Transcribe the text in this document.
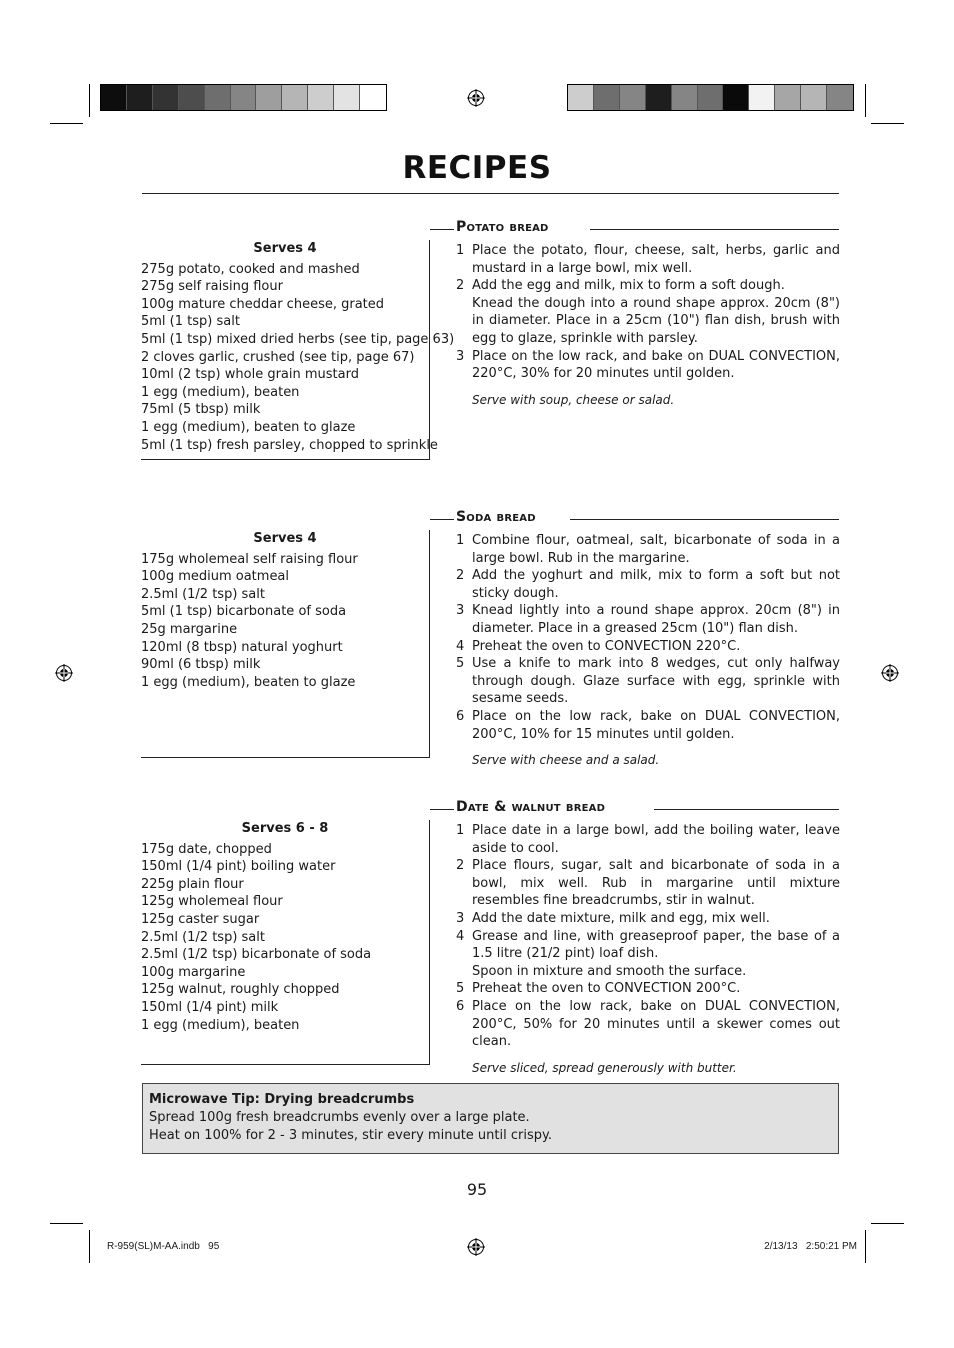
RECIPES
Serves 4
275g potato, cooked and mashed
275g self raising flour
100g mature cheddar cheese, grated
5ml (1 tsp) salt
5ml (1 tsp) mixed dried herbs (see tip, page 63)
2 cloves garlic, crushed (see tip, page 67)
10ml (2 tsp) whole grain mustard
1 egg (medium), beaten
75ml (5 tbsp) milk
1 egg (medium), beaten to glaze
5ml (1 tsp) fresh parsley, chopped to sprinkle
Potato bread
1 Place the potato, flour, cheese, salt, herbs, garlic and mustard in a large bowl, mix well.
2 Add the egg and milk, mix to form a soft dough.
Knead the dough into a round shape approx. 20cm (8") in diameter. Place in a 25cm (10") flan dish, brush with egg to glaze, sprinkle with parsley.
3 Place on the low rack, and bake on DUAL CONVECTION, 220°C, 30% for 20 minutes until golden.
Serve with soup, cheese or salad.
Serves 4
175g wholemeal self raising flour
100g medium oatmeal
2.5ml (1/2 tsp) salt
5ml (1 tsp) bicarbonate of soda
25g margarine
120ml (8 tbsp) natural yoghurt
90ml (6 tbsp) milk
1 egg (medium), beaten to glaze
Soda bread
1 Combine flour, oatmeal, salt, bicarbonate of soda in a large bowl. Rub in the margarine.
2 Add the yoghurt and milk, mix to form a soft but not sticky dough.
3 Knead lightly into a round shape approx. 20cm (8") in diameter. Place in a greased 25cm (10") flan dish.
4 Preheat the oven to CONVECTION 220°C.
5 Use a knife to mark into 8 wedges, cut only halfway through dough. Glaze surface with egg, sprinkle with sesame seeds.
6 Place on the low rack, bake on DUAL CONVECTION, 200°C, 10% for 15 minutes until golden.
Serve with cheese and a salad.
Serves 6 - 8
175g date, chopped
150ml (1/4 pint) boiling water
225g plain flour
125g wholemeal flour
125g caster sugar
2.5ml (1/2 tsp) salt
2.5ml (1/2 tsp) bicarbonate of soda
100g margarine
125g walnut, roughly chopped
150ml (1/4 pint) milk
1 egg (medium), beaten
Date & walnut bread
1 Place date in a large bowl, add the boiling water, leave aside to cool.
2 Place flours, sugar, salt and bicarbonate of soda in a bowl, mix well. Rub in margarine until mixture resembles fine breadcrumbs, stir in walnut.
3 Add the date mixture, milk and egg, mix well.
4 Grease and line, with greaseproof paper, the base of a 1.5 litre (21/2 pint) loaf dish.
Spoon in mixture and smooth the surface.
5 Preheat the oven to CONVECTION 200°C.
6 Place on the low rack, bake on DUAL CONVECTION, 200°C, 50% for 20 minutes until a skewer comes out clean.
Serve sliced, spread generously with butter.
Microwave Tip: Drying breadcrumbs
Spread 100g fresh breadcrumbs evenly over a large plate.
Heat on 100% for 2 - 3 minutes, stir every minute until crispy.
95
R-959(SL)M-AA.indb   95	2/13/13   2:50:21 PM
